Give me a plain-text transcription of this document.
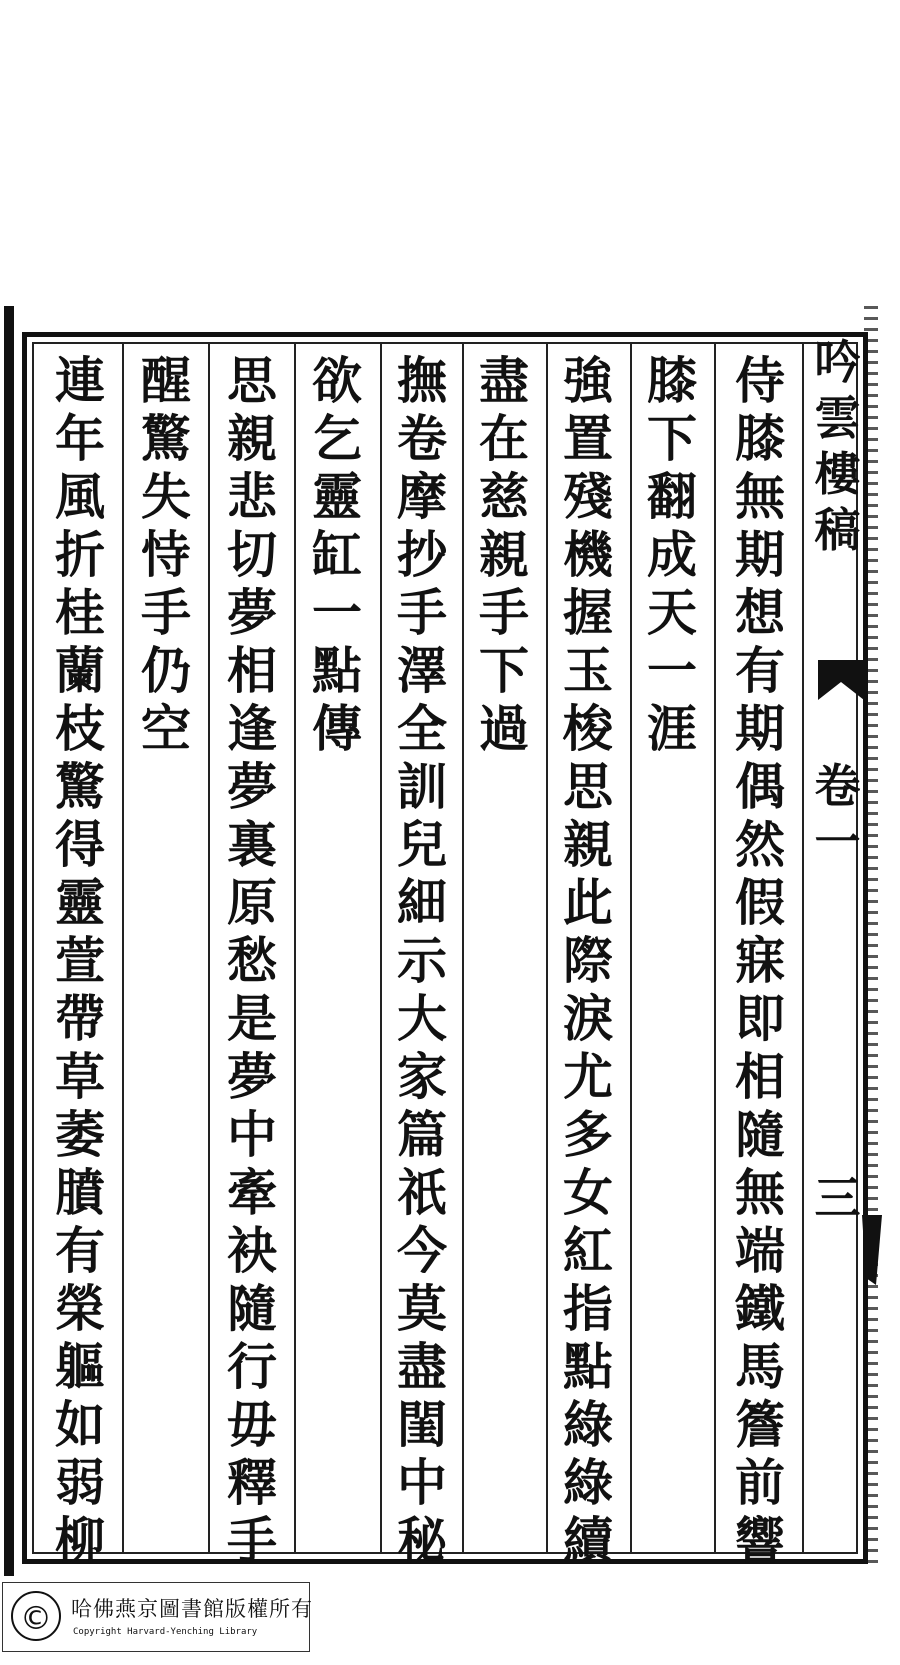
吟
雲
樓
稿
卷
一
三
侍
膝
無
期
想
有
期
偶
然
假
寐
即
相
隨
無
端
鐵
馬
簷
前
響
膝
下
翻
成
天
一
涯
強
置
殘
機
握
玉
梭
思
親
此
際
淚
尤
多
女
紅
指
點
綠
綠
續
盡
在
慈
親
手
下
過
撫
卷
摩
抄
手
澤
全
訓
兒
細
示
大
家
篇
祇
今
莫
盡
閨
中
秘
欲
乞
靈
缸
一
點
傳
思
親
悲
切
夢
相
逢
夢
裏
原
愁
是
夢
中
牽
袂
隨
行
毋
釋
手
醒
驚
失
恃
手
仍
空
連
年
風
折
桂
蘭
枝
驚
得
靈
萱
帶
草
萎
膹
有
榮
軀
如
弱
柳
© 哈佛燕京圖書館版權所有
Copyright Harvard-Yenching Library
